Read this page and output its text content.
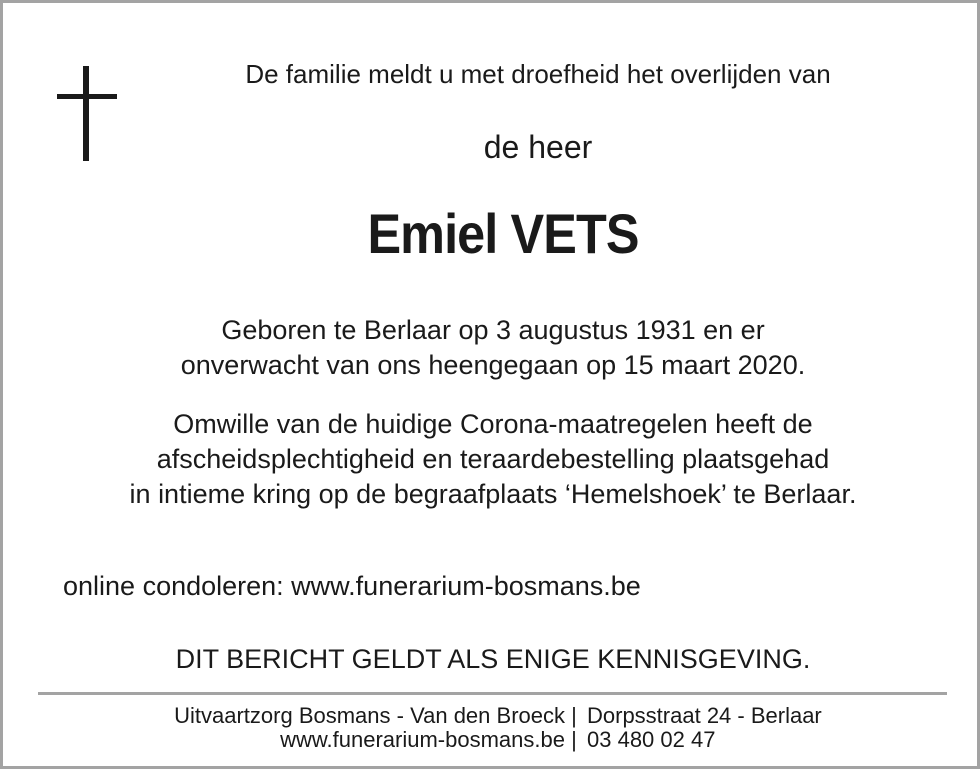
De familie meldt u met droefheid het overlijden van
de heer
Emiel VETS
Geboren te Berlaar op 3 augustus 1931 en er
onverwacht van ons heengegaan op 15 maart 2020.
Omwille van de huidige Corona-maatregelen heeft de
afscheidsplechtigheid en teraardebestelling plaatsgehad
in intieme kring op de begraafplaats ‘Hemelshoek’ te Berlaar.
online condoleren: www.funerarium-bosmans.be
DIT BERICHT GELDT ALS ENIGE KENNISGEVING.
Uitvaartzorg Bosmans - Van den Broeck | Dorpsstraat 24 - Berlaar
www.funerarium-bosmans.be | 03 480 02 47
